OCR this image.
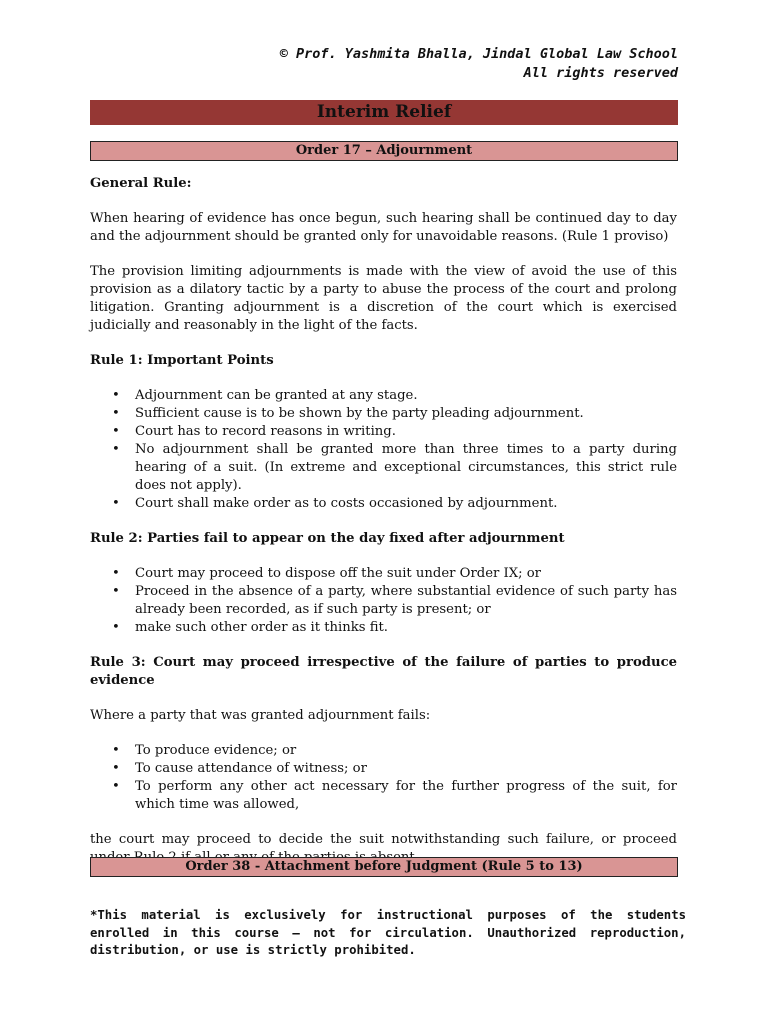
© Prof. Yashmita Bhalla, Jindal Global Law School
All rights reserved
Interim Relief
Order 17 – Adjournment

General Rule:

When hearing of evidence has once begun, such hearing shall be continued day to day and the adjournment should be granted only for unavoidable reasons. (Rule 1 proviso)

The provision limiting adjournments is made with the view of avoid the use of this provision as a dilatory tactic by a party to abuse the process of the court and prolong litigation. Granting adjournment is a discretion of the court which is exercised judicially and reasonably in the light of the facts.

Rule 1: Important Points

• Adjournment can be granted at any stage.
• Sufficient cause is to be shown by the party pleading adjournment.
• Court has to record reasons in writing.
• No adjournment shall be granted more than three times to a party during hearing of a suit. (In extreme and exceptional circumstances, this strict rule does not apply).
• Court shall make order as to costs occasioned by adjournment.

Rule 2: Parties fail to appear on the day fixed after adjournment

• Court may proceed to dispose off the suit under Order IX; or
• Proceed in the absence of a party, where substantial evidence of such party has already been recorded, as if such party is present; or
• make such other order as it thinks fit.

Rule 3: Court may proceed irrespective of the failure of parties to produce evidence

Where a party that was granted adjournment fails:

• To produce evidence; or
• To cause attendance of witness; or
• To perform any other act necessary for the further progress of the suit, for which time was allowed,

the court may proceed to decide the suit notwithstanding such failure, or proceed

Order 38 - Attachment before Judgment (Rule 5 to 13)
*This material is exclusively for instructional purposes of the students enrolled in this course – not for circulation. Unauthorized reproduction, distribution, or use is strictly prohibited.
